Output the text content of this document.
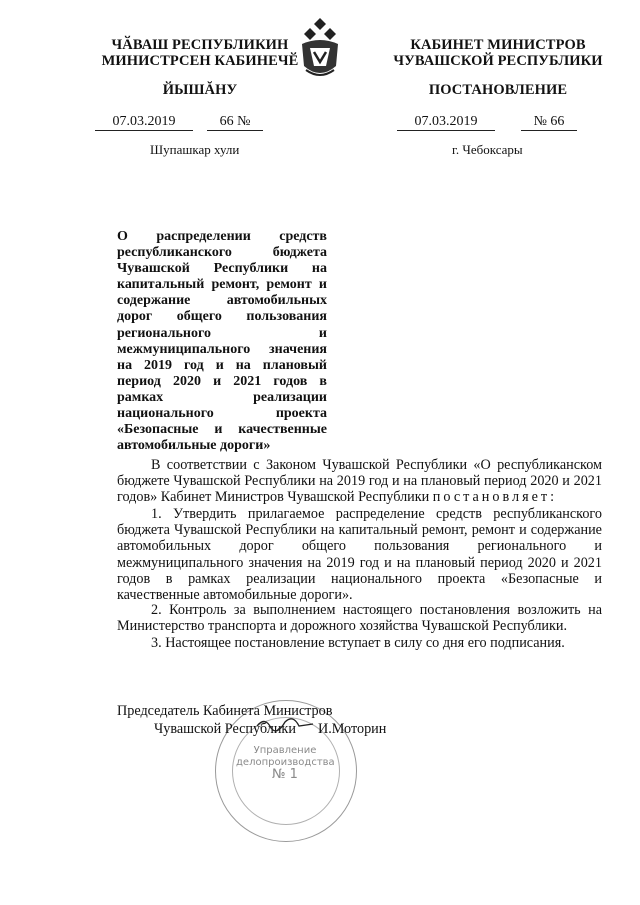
ЧӐВАШ РЕСПУБЛИКИН
МИНИСТРСЕН КАБИНЕЧӖ
ЙЫШĂНУ
КАБИНЕТ МИНИСТРОВ
ЧУВАШСКОЙ РЕСПУБЛИКИ
ПОСТАНОВЛЕНИЕ
07.03.2019	66 №	07.03.2019	№ 66
Шупашкар хули	г. Чебоксары
О распределении средств республиканского бюджета Чувашской Республики на капитальный ремонт, ремонт и содержание автомобильных дорог общего пользования регионального и межмуниципального значения на 2019 год и на плановый период 2020 и 2021 годов в рамках реализации национального проекта «Безопасные и качественные автомобильные дороги»
В соответствии с Законом Чувашской Республики «О республиканском бюджете Чувашской Республики на 2019 год и на плановый период 2020 и 2021 годов» Кабинет Министров Чувашской Республики постановляет:
1. Утвердить прилагаемое распределение средств республиканского бюджета Чувашской Республики на капитальный ремонт, ремонт и содержание автомобильных дорог общего пользования регионального и межмуниципального значения на 2019 год и на плановый период 2020 и 2021 годов в рамках реализации национального проекта «Безопасные и качественные автомобильные дороги».
2. Контроль за выполнением настоящего постановления возложить на Министерство транспорта и дорожного хозяйства Чувашской Республики.
3. Настоящее постановление вступает в силу со дня его подписания.
Управление
делопроизводства
№ 1
Председатель Кабинета Министров
Чувашской Республики И.Моторин
